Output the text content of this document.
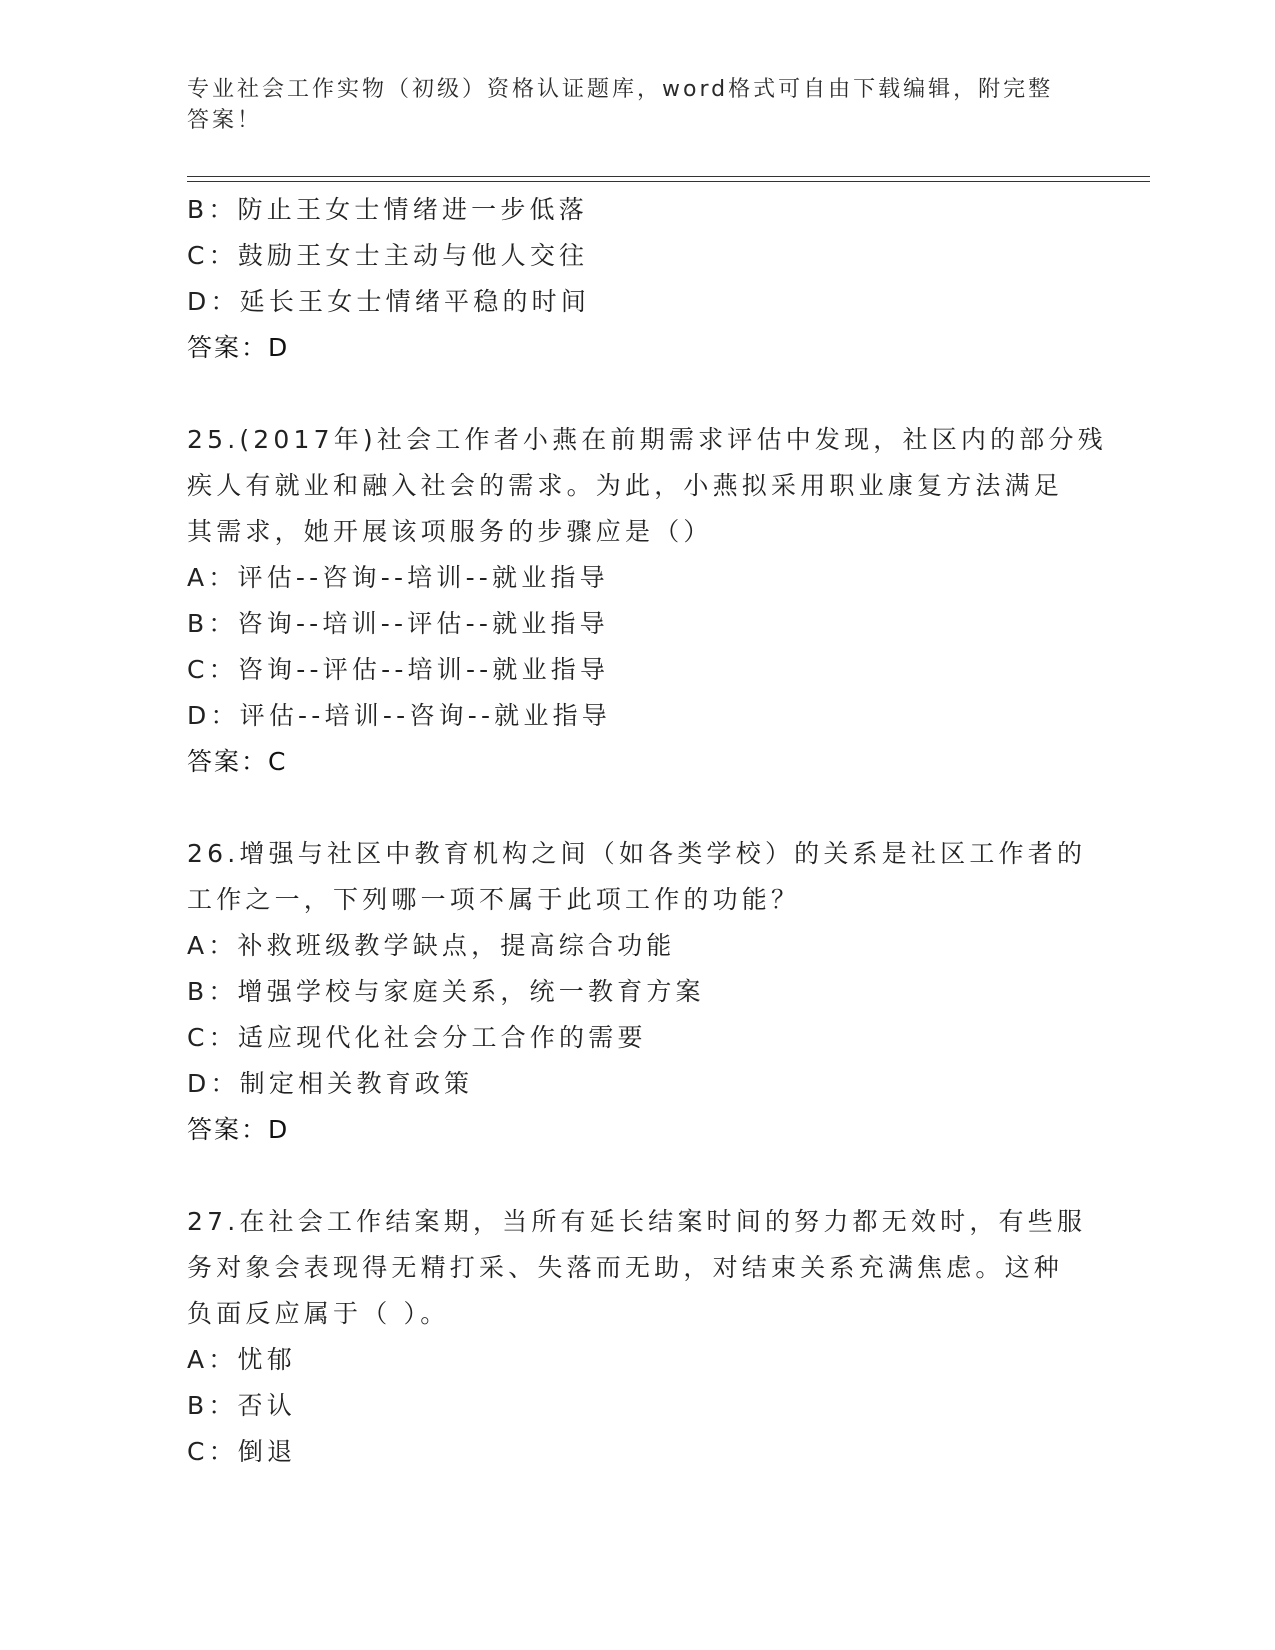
专业社会工作实物（初级）资格认证题库，word格式可自由下载编辑，附完整答案！
B：防止王女士情绪进一步低落
C：鼓励王女士主动与他人交往
D：延长王女士情绪平稳的时间
答案：D
25.(2017年)社会工作者小燕在前期需求评估中发现，社区内的部分残
疾人有就业和融入社会的需求。为此，小燕拟采用职业康复方法满足
其需求，她开展该项服务的步骤应是（）
A：评估--咨询--培训--就业指导
B：咨询--培训--评估--就业指导
C：咨询--评估--培训--就业指导
D：评估--培训--咨询--就业指导
答案：C
26.增强与社区中教育机构之间（如各类学校）的关系是社区工作者的
工作之一，下列哪一项不属于此项工作的功能？
A：补救班级教学缺点，提高综合功能
B：增强学校与家庭关系，统一教育方案
C：适应现代化社会分工合作的需要
D：制定相关教育政策
答案：D
27.在社会工作结案期，当所有延长结案时间的努力都无效时，有些服
务对象会表现得无精打采、失落而无助，对结束关系充满焦虑。这种
负面反应属于（ ）。
A：忧郁
B：否认
C：倒退
